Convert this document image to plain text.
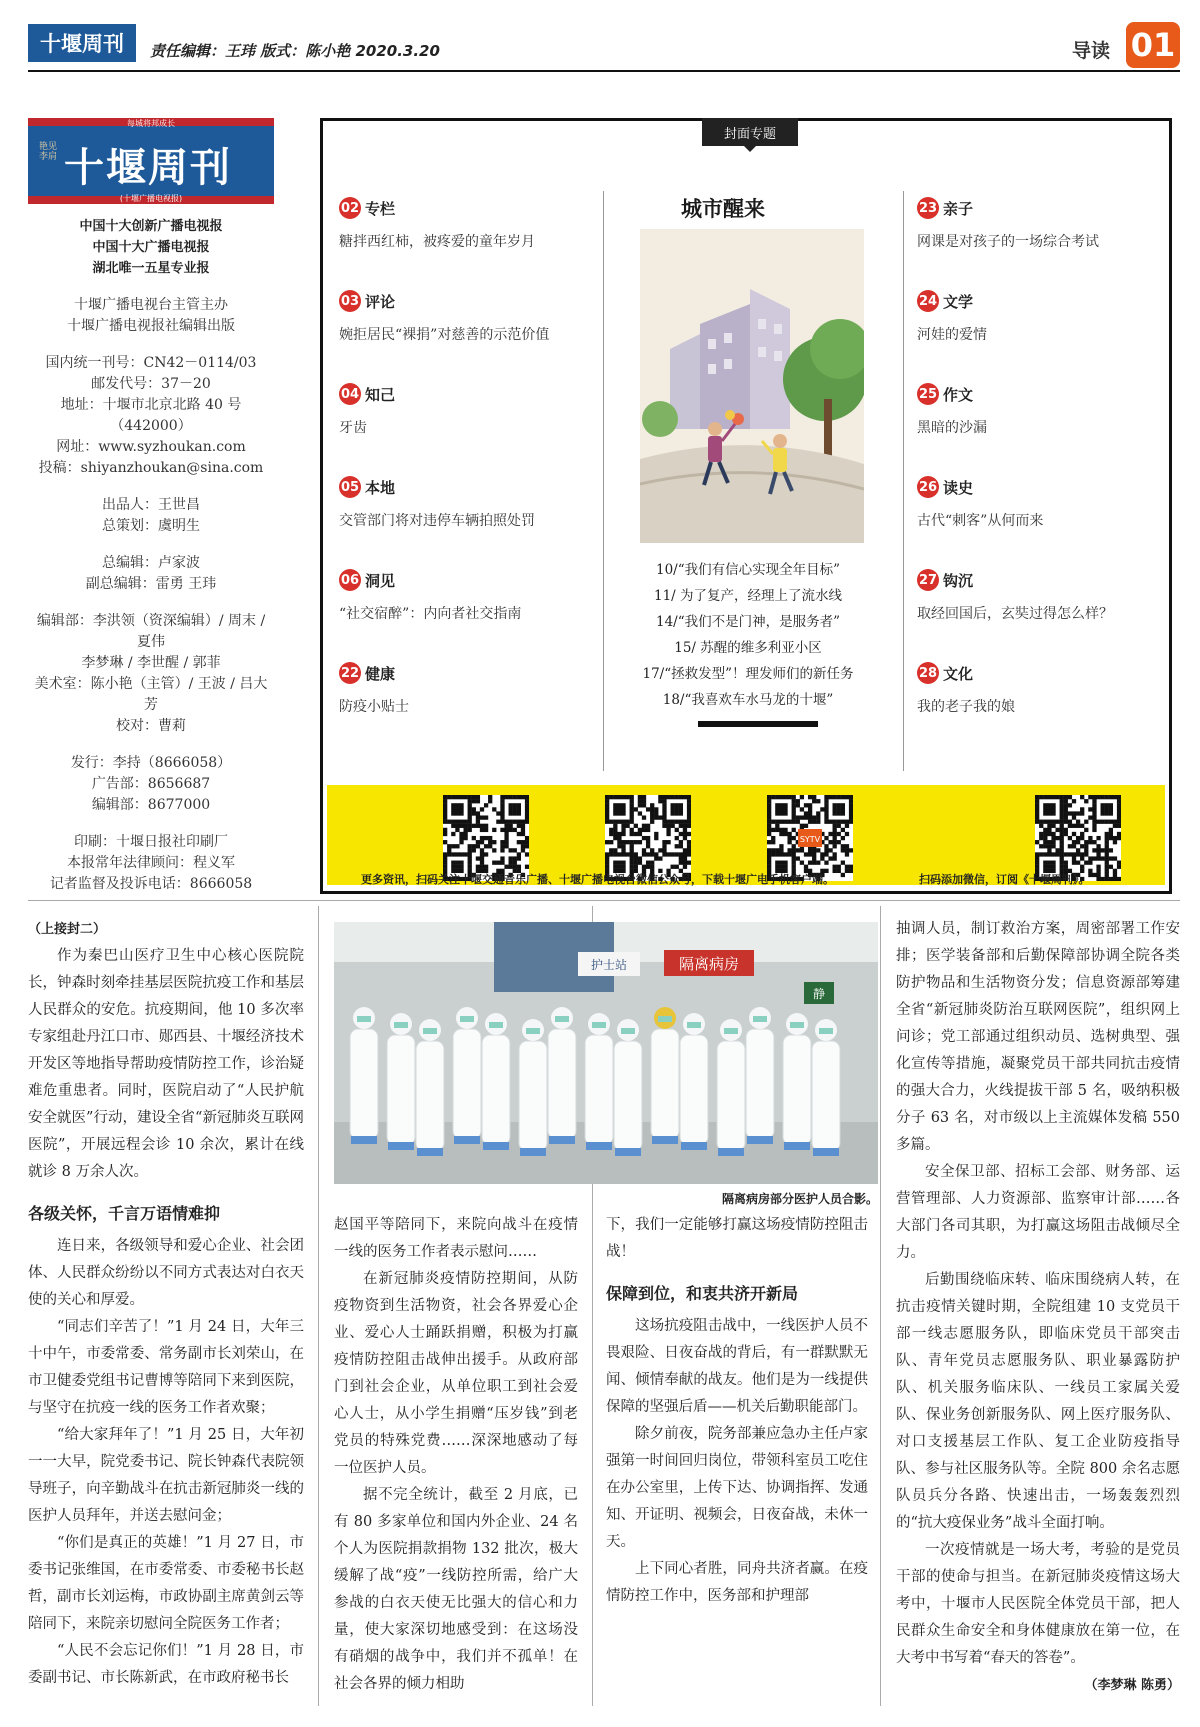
十堰周刊	责任编辑：王玮 版式：陈小艳 2020.3.20	导读 01
每城将邦成长
艳见李肩 十堰周刊
(十堰广播电视报)
中国十大创新广播电视报
中国十大广播电视报
湖北唯一五星专业报
十堰广播电视台主管主办
十堰广播电视报社编辑出版
国内统一刊号：CN42－0114/03
邮发代号：37－20
地址：十堰市北京北路 40 号（442000）
网址：www.syzhoukan.com
投稿：shiyanzhoukan@sina.com
出品人：王世昌
总策划：虞明生
总编辑：卢家波
副总编辑：雷勇 王玮
编辑部：李洪领（资深编辑）/ 周末 / 夏伟
李梦琳 / 李世醒 / 郭菲
美术室：陈小艳（主管）/ 王波 / 吕大芳
校对：曹莉
发行：李持（8666058）
广告部：8656687
编辑部：8677000
印刷：十堰日报社印刷厂
本报常年法律顾问：程义军
记者监督及投诉电话：8666058
封面专题
02 专栏
糖拌西红柿，被疼爱的童年岁月
03 评论
婉拒居民“裸捐”对慈善的示范价值
04 知己
牙齿
05 本地
交管部门将对违停车辆拍照处罚
06 洞见
“社交宿醉”：内向者社交指南
22 健康
防疫小贴士
城市醒来
10/“我们有信心实现全年目标”
11/ 为了复产，经理上了流水线
14/“我们不是门神，是服务者”
15/ 苏醒的维多利亚小区
17/“拯救发型”！理发师们的新任务
18/“我喜欢车水马龙的十堰”
23 亲子
网课是对孩子的一场综合考试
24 文学
河娃的爱情
25 作文
黑暗的沙漏
26 读史
古代“刺客”从何而来
27 钩沉
取经回国后，玄奘过得怎么样？
28 文化
我的老子我的娘
SYTV
更多资讯，扫码关注十堰交通音乐广播、十堰广播电视台微信公众号，下载十堰广电手机客户端。	扫码添加微信，订阅《十堰周刊》。

（上接封二）

作为秦巴山医疗卫生中心核心医院院长，钟森时刻牵挂基层医院抗疫工作和基层人民群众的安危。抗疫期间，他 10 多次率专家组赴丹江口市、郧西县、十堰经济技术开发区等地指导帮助疫情防控工作，诊治疑难危重患者。同时，医院启动了“人民护航 安全就医”行动，建设全省“新冠肺炎互联网医院”，开展远程会诊 10 余次，累计在线就诊 8 万余人次。

各级关怀，千言万语情难抑

连日来，各级领导和爱心企业、社会团体、人民群众纷纷以不同方式表达对白衣天使的关心和厚爱。

“同志们辛苦了！”1 月 24 日，大年三十中午，市委常委、常务副市长刘荣山，在市卫健委党组书记曹博等陪同下来到医院，与坚守在抗疫一线的医务工作者欢聚；

“给大家拜年了！”1 月 25 日，大年初一一大早，院党委书记、院长钟森代表院领导班子，向辛勤战斗在抗击新冠肺炎一线的医护人员拜年，并送去慰问金；

“你们是真正的英雄！”1 月 27 日，市委书记张维国，在市委常委、市委秘书长赵哲，副市长刘运梅，市政协副主席黄剑云等陪同下，来院亲切慰问全院医务工作者；

“人民不会忘记你们！”1 月 28 日，市委副书记、市长陈新武，在市政府秘书长

隔离病房
护士站
静
隔离病房部分医护人员合影。

赵国平等陪同下，来院向战斗在疫情一线的医务工作者表示慰问……

在新冠肺炎疫情防控期间，从防疫物资到生活物资，社会各界爱心企业、爱心人士踊跃捐赠，积极为打赢疫情防控阻击战伸出援手。从政府部门到社会企业，从单位职工到社会爱心人士，从小学生捐赠“压岁钱”到老党员的特殊党费……深深地感动了每一位医护人员。

据不完全统计，截至 2 月底，已有 80 多家单位和国内外企业、24 名个人为医院捐款捐物 132 批次，极大缓解了战“疫”一线防控所需，给广大参战的白衣天使无比强大的信心和力量，使大家深切地感受到：在这场没有硝烟的战争中，我们并不孤单！在社会各界的倾力相助

下，我们一定能够打赢这场疫情防控阻击战！

保障到位，和衷共济开新局

这场抗疫阻击战中，一线医护人员不畏艰险、日夜奋战的背后，有一群默默无闻、倾情奉献的战友。他们是为一线提供保障的坚强后盾——机关后勤职能部门。

除夕前夜，院务部兼应急办主任卢家强第一时间回归岗位，带领科室员工吃住在办公室里，上传下达、协调指挥、发通知、开证明、视频会，日夜奋战，未休一天。

上下同心者胜，同舟共济者赢。在疫情防控工作中，医务部和护理部

抽调人员，制订救治方案，周密部署工作安排；医学装备部和后勤保障部协调全院各类防护物品和生活物资分发；信息资源部筹建全省“新冠肺炎防治互联网医院”，组织网上问诊；党工部通过组织动员、选树典型、强化宣传等措施，凝聚党员干部共同抗击疫情的强大合力，火线提拔干部 5 名，吸纳积极分子 63 名，对市级以上主流媒体发稿 550 多篇。

安全保卫部、招标工会部、财务部、运营管理部、人力资源部、监察审计部……各大部门各司其职，为打赢这场阻击战倾尽全力。

后勤围绕临床转、临床围绕病人转，在抗击疫情关键时期，全院组建 10 支党员干部一线志愿服务队，即临床党员干部突击队、青年党员志愿服务队、职业暴露防护队、机关服务临床队、一线员工家属关爱队、保业务创新服务队、网上医疗服务队、对口支援基层工作队、复工企业防疫指导队、参与社区服务队等。全院 800 余名志愿队员兵分各路、快速出击，一场轰轰烈烈的“抗大疫保业务”战斗全面打响。

一次疫情就是一场大考，考验的是党员干部的使命与担当。在新冠肺炎疫情这场大考中，十堰市人民医院全体党员干部，把人民群众生命安全和身体健康放在第一位，在大考中书写着“春天的答卷”。

（李梦琳 陈勇）
